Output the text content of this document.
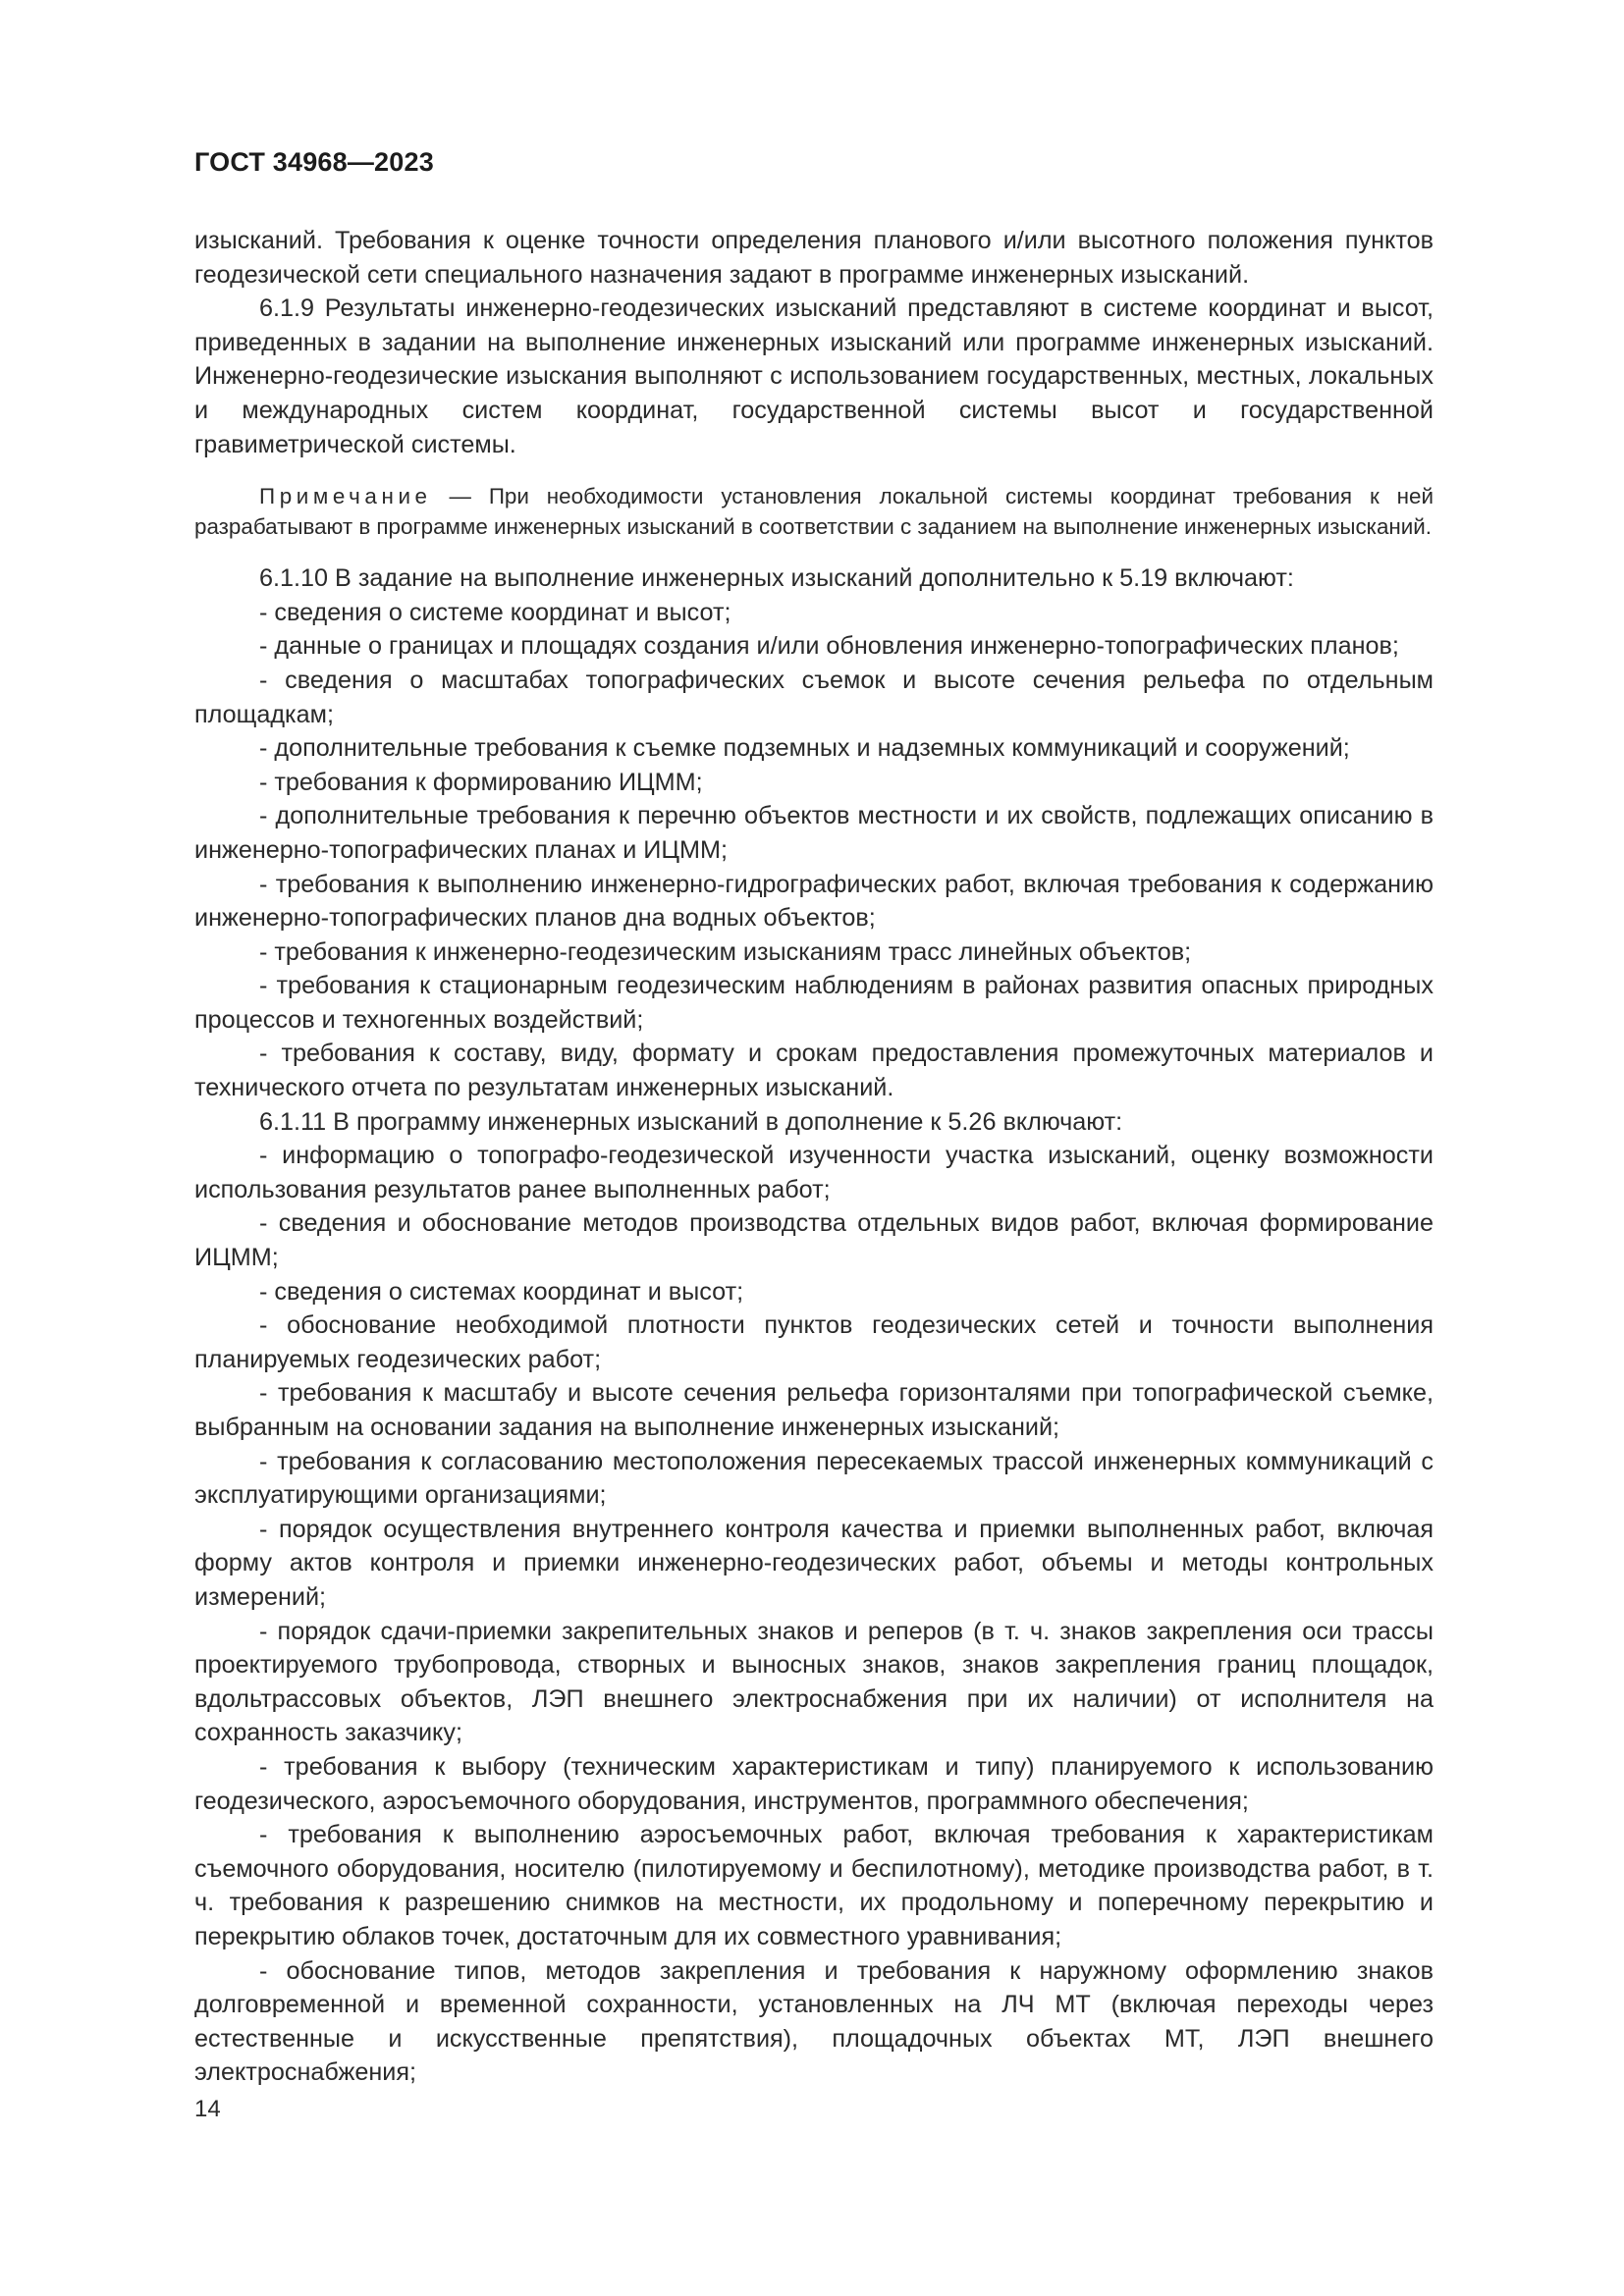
ГОСТ 34968—2023

изысканий. Требования к оценке точности определения планового и/или высотного положения пунктов геодезической сети специального назначения задают в программе инженерных изысканий.

6.1.9 Результаты инженерно-геодезических изысканий представляют в системе координат и высот, приведенных в задании на выполнение инженерных изысканий или программе инженерных изысканий. Инженерно-геодезические изыскания выполняют с использованием государственных, местных, локальных и международных систем координат, государственной системы высот и государственной гравиметрической системы.

Примечание — При необходимости установления локальной системы координат требования к ней разрабатывают в программе инженерных изысканий в соответствии с заданием на выполнение инженерных изысканий.

6.1.10 В задание на выполнение инженерных изысканий дополнительно к 5.19 включают:

- сведения о системе координат и высот;

- данные о границах и площадях создания и/или обновления инженерно-топографических планов;

- сведения о масштабах топографических съемок и высоте сечения рельефа по отдельным площадкам;

- дополнительные требования к съемке подземных и надземных коммуникаций и сооружений;

- требования к формированию ИЦММ;

- дополнительные требования к перечню объектов местности и их свойств, подлежащих описанию в инженерно-топографических планах и ИЦММ;

- требования к выполнению инженерно-гидрографических работ, включая требования к содержанию инженерно-топографических планов дна водных объектов;

- требования к инженерно-геодезическим изысканиям трасс линейных объектов;

- требования к стационарным геодезическим наблюдениям в районах развития опасных природных процессов и техногенных воздействий;

- требования к составу, виду, формату и срокам предоставления промежуточных материалов и технического отчета по результатам инженерных изысканий.

6.1.11 В программу инженерных изысканий в дополнение к 5.26 включают:

- информацию о топографо-геодезической изученности участка изысканий, оценку возможности использования результатов ранее выполненных работ;

- сведения и обоснование методов производства отдельных видов работ, включая формирование ИЦММ;

- сведения о системах координат и высот;

- обоснование необходимой плотности пунктов геодезических сетей и точности выполнения планируемых геодезических работ;

- требования к масштабу и высоте сечения рельефа горизонталями при топографической съемке, выбранным на основании задания на выполнение инженерных изысканий;

- требования к согласованию местоположения пересекаемых трассой инженерных коммуникаций с эксплуатирующими организациями;

- порядок осуществления внутреннего контроля качества и приемки выполненных работ, включая форму актов контроля и приемки инженерно-геодезических работ, объемы и методы контрольных измерений;

- порядок сдачи-приемки закрепительных знаков и реперов (в т. ч. знаков закрепления оси трассы проектируемого трубопровода, створных и выносных знаков, знаков закрепления границ площадок, вдольтрассовых объектов, ЛЭП внешнего электроснабжения при их наличии) от исполнителя на сохранность заказчику;

- требования к выбору (техническим характеристикам и типу) планируемого к использованию геодезического, аэросъемочного оборудования, инструментов, программного обеспечения;

- требования к выполнению аэросъемочных работ, включая требования к характеристикам съемочного оборудования, носителю (пилотируемому и беспилотному), методике производства работ, в т. ч. требования к разрешению снимков на местности, их продольному и поперечному перекрытию и перекрытию облаков точек, достаточным для их совместного уравнивания;

- обоснование типов, методов закрепления и требования к наружному оформлению знаков долговременной и временной сохранности, установленных на ЛЧ МТ (включая переходы через естественные и искусственные препятствия), площадочных объектах МТ, ЛЭП внешнего электроснабжения;

14
